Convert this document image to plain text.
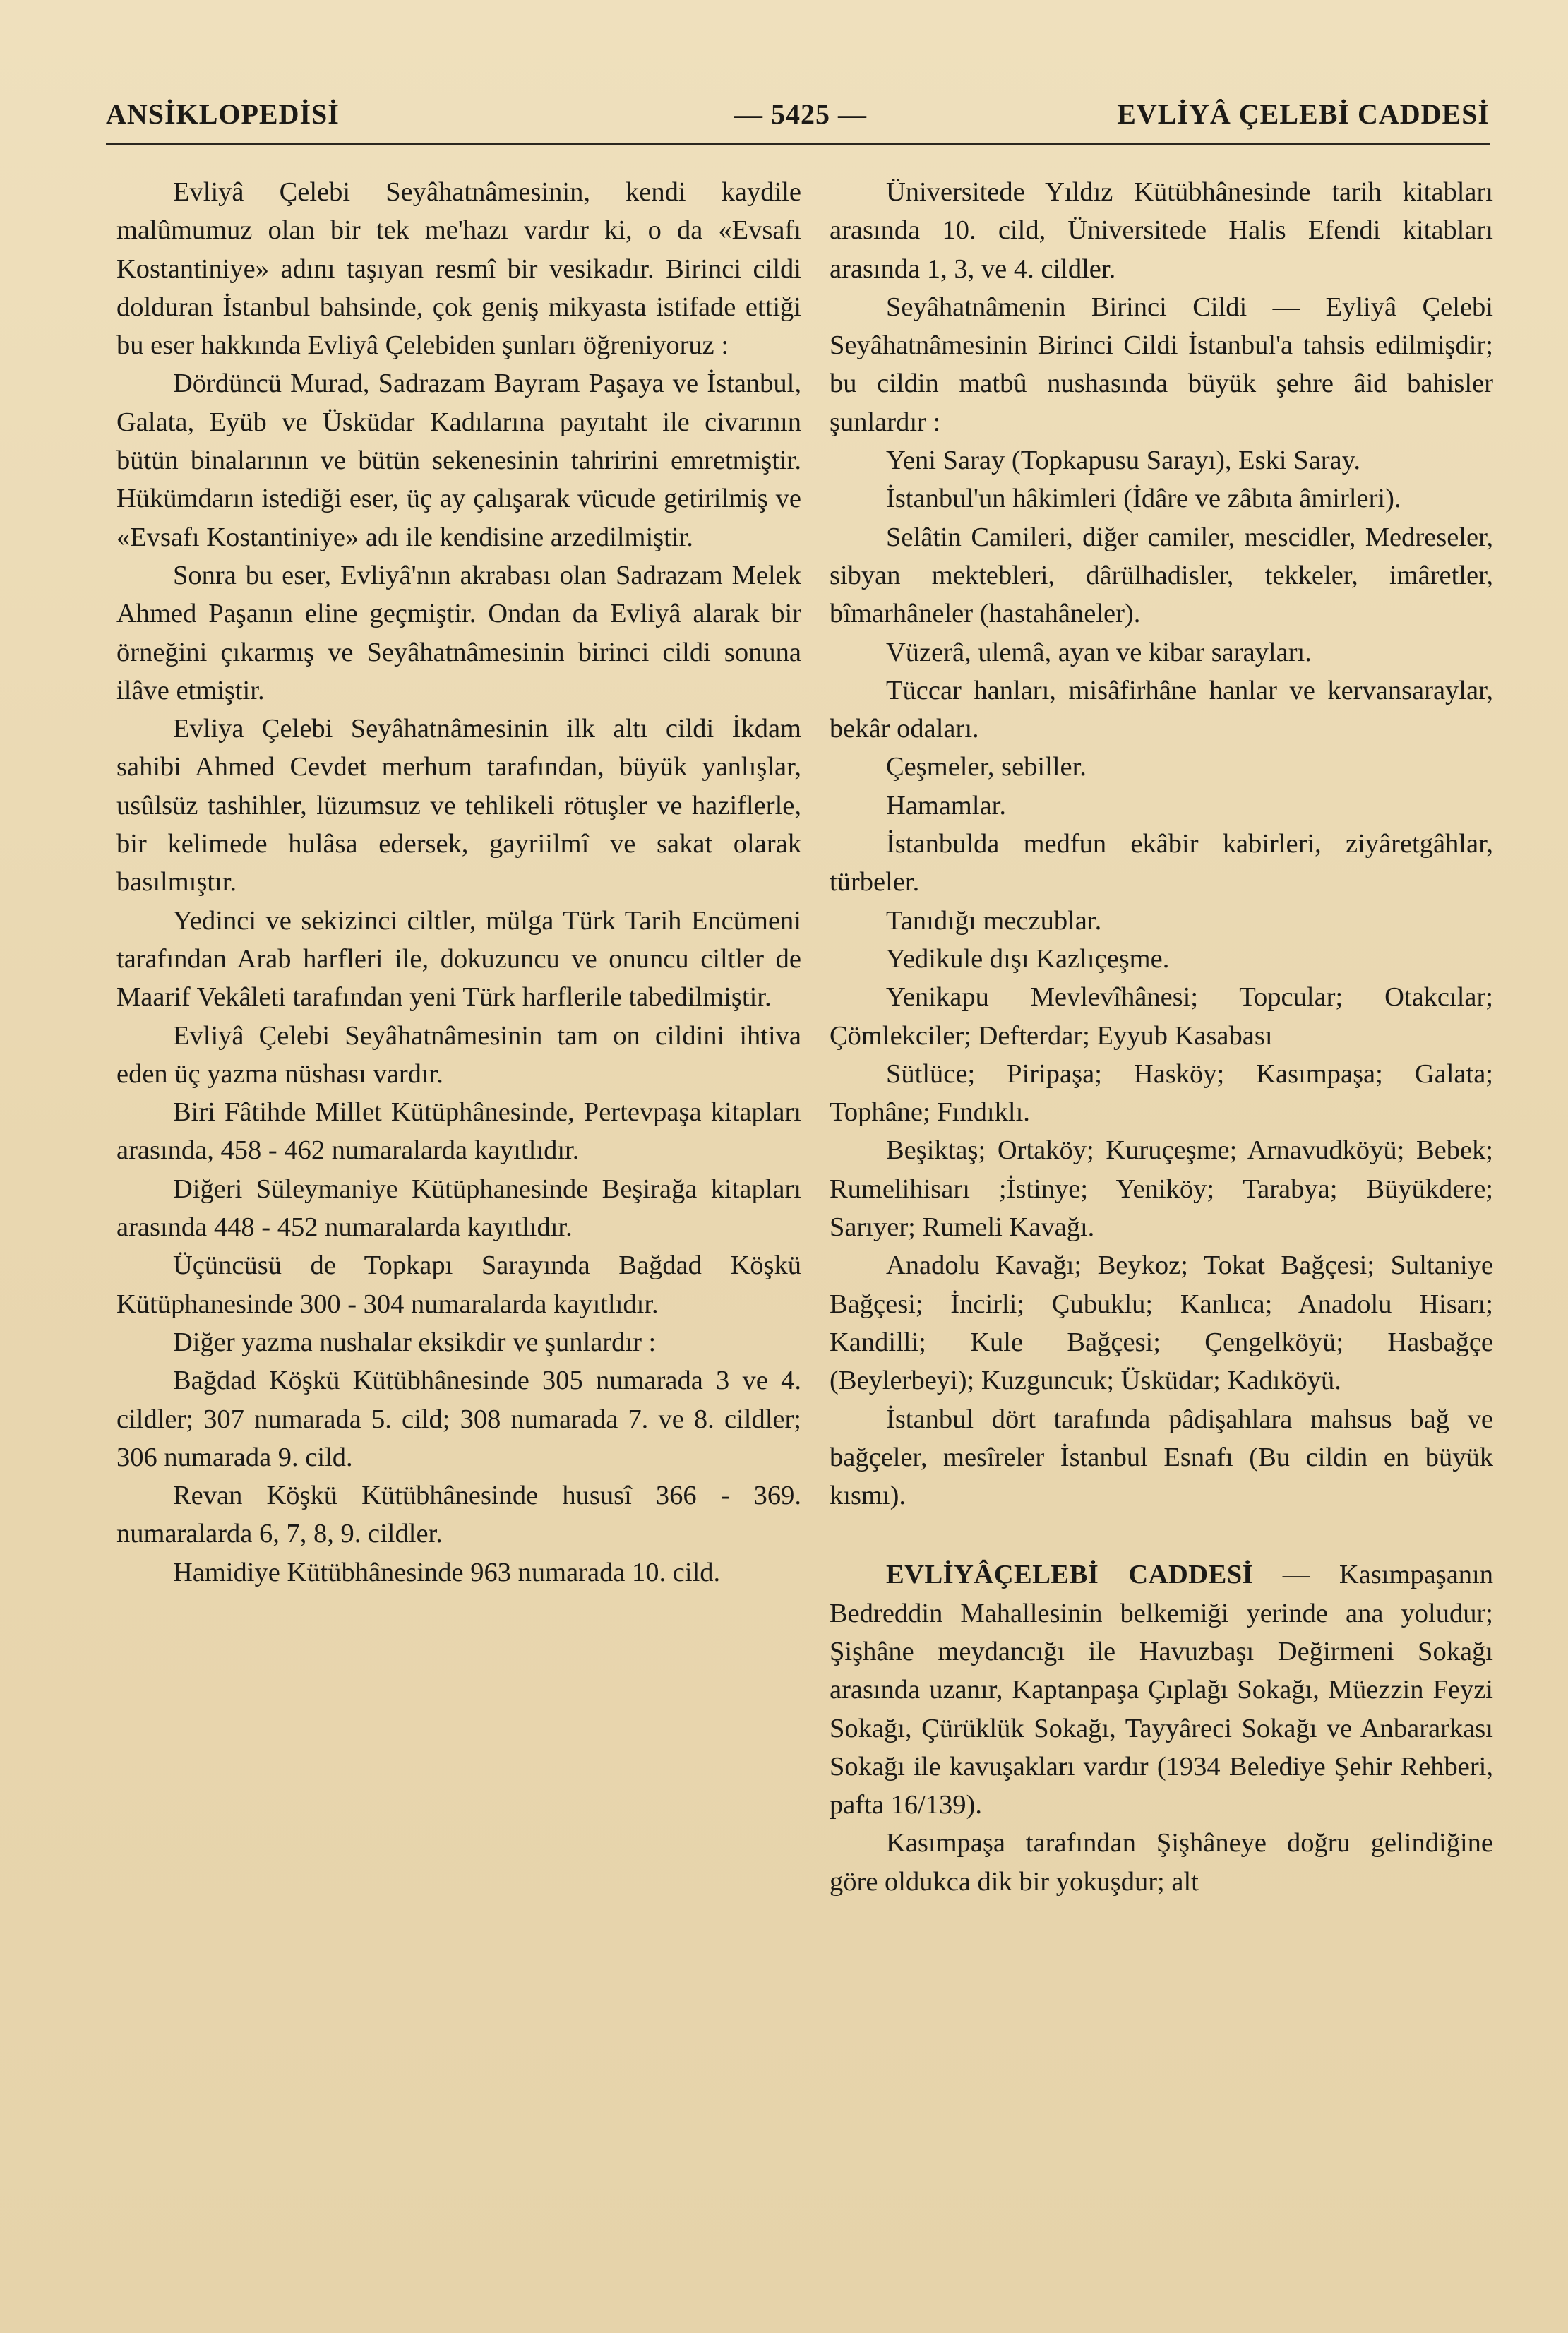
ANSİKLOPEDİSİ	— 5425 —	EVLİYÂ ÇELEBİ CADDESİ

Evliyâ Çelebi Seyâhatnâmesinin, kendi kaydile malûmumuz olan bir tek me'hazı vardır ki, o da «Evsafı Kostantiniye» adını taşıyan resmî bir vesikadır. Birinci cildi dolduran İstanbul bahsinde, çok geniş mikyasta istifade ettiği bu eser hakkında Evliyâ Çelebiden şunları öğreniyoruz :

Dördüncü Murad, Sadrazam Bayram Paşaya ve İstanbul, Galata, Eyüb ve Üsküdar Kadılarına payıtaht ile civarının bütün binalarının ve bütün sekenesinin tahririni emretmiştir. Hükümdarın istediği eser, üç ay çalışarak vücude getirilmiş ve «Evsafı Kostantiniye» adı ile kendisine arzedilmiştir.

Sonra bu eser, Evliyâ'nın akrabası olan Sadrazam Melek Ahmed Paşanın eline geçmiştir. Ondan da Evliyâ alarak bir örneğini çıkarmış ve Seyâhatnâmesinin birinci cildi sonuna ilâve etmiştir.

Evliya Çelebi Seyâhatnâmesinin ilk altı cildi İkdam sahibi Ahmed Cevdet merhum tarafından, büyük yanlışlar, usûlsüz tashihler, lüzumsuz ve tehlikeli rötuşler ve haziflerle, bir kelimede hulâsa edersek, gayriilmî ve sakat olarak basılmıştır.

Yedinci ve sekizinci ciltler, mülga Türk Tarih Encümeni tarafından Arab harfleri ile, dokuzuncu ve onuncu ciltler de Maarif Vekâleti tarafından yeni Türk harflerile tabedilmiştir.

Evliyâ Çelebi Seyâhatnâmesinin tam on cildini ihtiva eden üç yazma nüshası vardır.

Biri Fâtihde Millet Kütüphânesinde, Pertevpaşa kitapları arasında, 458 - 462 numaralarda kayıtlıdır.

Diğeri Süleymaniye Kütüphanesinde Beşirağa kitapları arasında 448 - 452 numaralarda kayıtlıdır.

Üçüncüsü de Topkapı Sarayında Bağdad Köşkü Kütüphanesinde 300 - 304 numaralarda kayıtlıdır.

Diğer yazma nushalar eksikdir ve şunlardır :

Bağdad Köşkü Kütübhânesinde 305 numarada 3 ve 4. cildler; 307 numarada 5. cild; 308 numarada 7. ve 8. cildler; 306 numarada 9. cild.

Revan Köşkü Kütübhânesinde hususî 366 - 369. numaralarda 6, 7, 8, 9. cildler.

Hamidiye Kütübhânesinde 963 numarada 10. cild.

Üniversitede Yıldız Kütübhânesinde tarih kitabları arasında 10. cild, Üniversitede Halis Efendi kitabları arasında 1, 3, ve 4. cildler.

Seyâhatnâmenin Birinci Cildi — Eyliyâ Çelebi Seyâhatnâmesinin Birinci Cildi İstanbul'a tahsis edilmişdir; bu cildin matbû nushasında büyük şehre âid bahisler şunlardır :

Yeni Saray (Topkapusu Sarayı), Eski Saray.

İstanbul'un hâkimleri (İdâre ve zâbıta âmirleri).

Selâtin Camileri, diğer camiler, mescidler, Medreseler, sibyan mektebleri, dârülhadisler, tekkeler, imâretler, bîmarhâneler (hastahâneler).

Vüzerâ, ulemâ, ayan ve kibar sarayları.

Tüccar hanları, misâfirhâne hanlar ve kervansaraylar, bekâr odaları.

Çeşmeler, sebiller.

Hamamlar.

İstanbulda medfun ekâbir kabirleri, ziyâretgâhlar, türbeler.

Tanıdığı meczublar.

Yedikule dışı Kazlıçeşme.

Yenikapu Mevlevîhânesi; Topcular; Otakcılar; Çömlekciler; Defterdar; Eyyub Kasabası

Sütlüce; Piripaşa; Hasköy; Kasımpaşa; Galata; Tophâne; Fındıklı.

Beşiktaş; Ortaköy; Kuruçeşme; Arnavudköyü; Bebek; Rumelihisarı ;İstinye; Yeniköy; Tarabya; Büyükdere; Sarıyer; Rumeli Kavağı.

Anadolu Kavağı; Beykoz; Tokat Bağçesi; Sultaniye Bağçesi; İncirli; Çubuklu; Kanlıca; Anadolu Hisarı; Kandilli; Kule Bağçesi; Çengelköyü; Hasbağçe (Beylerbeyi); Kuzguncuk; Üsküdar; Kadıköyü.

İstanbul dört tarafında pâdişahlara mahsus bağ ve bağçeler, mesîreler İstanbul Esnafı (Bu cildin en büyük kısmı).

EVLİYÂÇELEBİ CADDESİ — Kasımpaşanın Bedreddin Mahallesinin belkemiği yerinde ana yoludur; Şişhâne meydancığı ile Havuzbaşı Değirmeni Sokağı arasında uzanır, Kaptanpaşa Çıplağı Sokağı, Müezzin Feyzi Sokağı, Çürüklük Sokağı, Tayyâreci Sokağı ve Anbararkası Sokağı ile kavuşakları vardır (1934 Belediye Şehir Rehberi, pafta 16/139).

Kasımpaşa tarafından Şişhâneye doğru gelindiğine göre oldukca dik bir yokuşdur; alt
